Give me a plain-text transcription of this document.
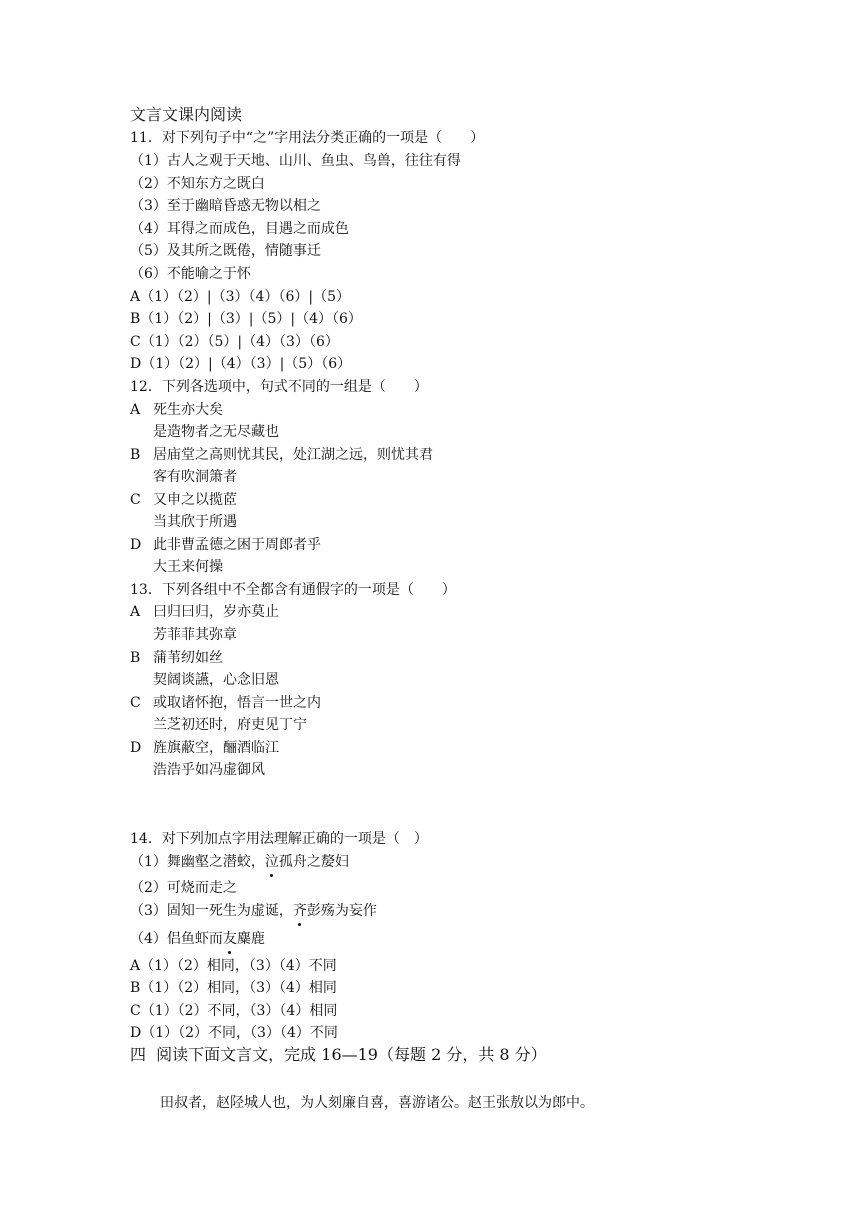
文言文课内阅读
11．对下列句子中“之”字用法分类正确的一项是（　　）
（1）古人之观于天地、山川、鱼虫、鸟兽，往往有得
（2）不知东方之既白
（3）至于幽暗昏惑无物以相之
（4）耳得之而成色，目遇之而成色
（5）及其所之既倦，情随事迁
（6）不能喻之于怀
A（1）（2）|（3）（4）（6）|（5）
B（1）（2）|（3）|（5）|（4）（6）
C（1）（2）（5）|（4）（3）（6）
D（1）（2）|（4）（3）|（5）（6）
12．下列各选项中，句式不同的一组是（　　）
A 死生亦大矣
是造物者之无尽藏也
B 居庙堂之高则忧其民，处江湖之远，则忧其君
客有吹洞箫者
C 又申之以揽茝
当其欣于所遇
D 此非曹孟德之困于周郎者乎
大王来何操
13．下列各组中不全都含有通假字的一项是（　　）
A 曰归曰归，岁亦莫止
芳菲菲其弥章
B 蒲苇纫如丝
契阔谈讌，心念旧恩
C 或取诸怀抱，悟言一世之内
兰芝初还时，府吏见丁宁
D 旌旗蔽空，酾酒临江
浩浩乎如冯虚御风
14．对下列加点字用法理解正确的一项是（　）
（1）舞幽壑之潜蛟，泣孤舟之嫠妇
（2）可烧而走之
（3）固知一死生为虚诞，齐彭殇为妄作
（4）侣鱼虾而友麋鹿
A（1）（2）相同，（3）（4）不同
B（1）（2）相同，（3）（4）相同
C（1）（2）不同，（3）（4）相同
D（1）（2）不同，（3）（4）不同
四  阅读下面文言文，完成 16—19（每题 2 分，共 8 分）
田叔者，赵陉城人也，为人刻廉自喜，喜游诸公。赵王张敖以为郎中。
